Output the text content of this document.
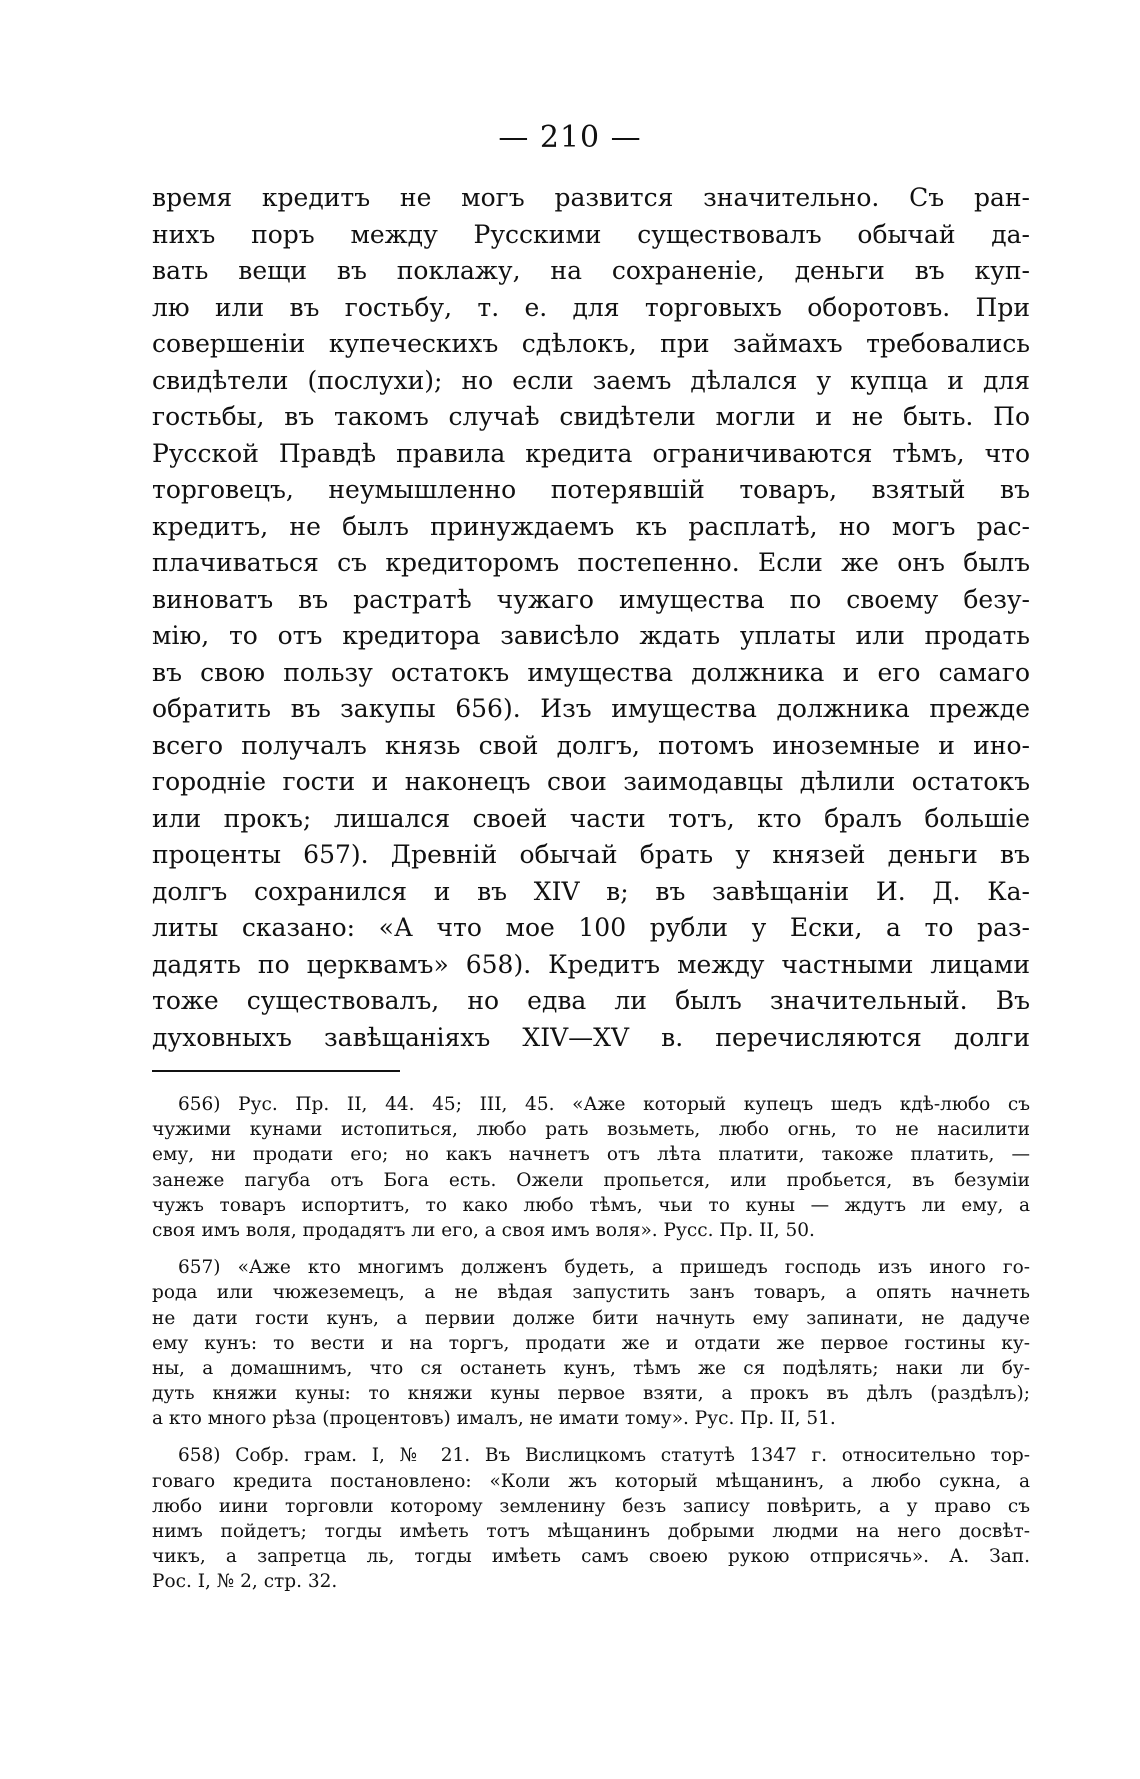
— 210 —
время кредитъ не могъ развится значительно. Съ ран-
нихъ поръ между Русскими существовалъ обычай да-
вать вещи въ поклажу, на сохраненіе, деньги въ куп-
лю или въ гостьбу, т. е. для торговыхъ оборотовъ. При
совершеніи купеческихъ сдѣлокъ, при займахъ требовались
свидѣтели (послухи); но если заемъ дѣлался у купца и для
гостьбы, въ такомъ случаѣ свидѣтели могли и не быть. По
Русской Правдѣ правила кредита ограничиваются тѣмъ, что
торговецъ, неумышленно потерявшій товаръ, взятый въ
кредитъ, не былъ принуждаемъ къ расплатѣ, но могъ рас-
плачиваться съ кредиторомъ постепенно. Если же онъ былъ
виноватъ въ растратѣ чужаго имущества по своему безу-
мію, то отъ кредитора зависѣло ждать уплаты или продать
въ свою пользу остатокъ имущества должника и его самаго
обратить въ закупы 656). Изъ имущества должника прежде
всего получалъ князь свой долгъ, потомъ иноземные и ино-
городніе гости и наконецъ свои заимодавцы дѣлили остатокъ
или прокъ; лишался своей части тотъ, кто бралъ большіе
проценты 657). Древній обычай брать у князей деньги въ
долгъ сохранился и въ XIV в; въ завѣщаніи И. Д. Ка-
литы сказано: «А что мое 100 рубли у Ески, а то раз-
дадять по церквамъ» 658). Кредитъ между частными лицами
тоже существовалъ, но едва ли былъ значительный. Въ
духовныхъ завѣщаніяхъ XIV—XV в. перечисляются долги
656) Рус. Пр. II, 44. 45; III, 45. «Аже который купецъ шедъ кдѣ-любо съ
чужими кунами истопиться, любо рать возьметь, любо огнь, то не насилити
ему, ни продати его; но какъ начнетъ отъ лѣта платити, такоже платить, —
занеже пагуба отъ Бога есть. Ожели пропьется, или пробьется, въ безуміи
чужъ товаръ испортитъ, то како любо тѣмъ, чьи то куны — ждутъ ли ему, а
своя имъ воля, продадятъ ли его, а своя имъ воля». Русс. Пр. II, 50.
657) «Аже кто многимъ долженъ будеть, а пришедъ гоcподь изъ иного го-
рода или чюжеземецъ, а не вѣдая запустить занъ товаръ, а опять начнеть
не дати гости кунъ, а первии долже бити начнуть ему запинати, не дадуче
ему кунъ: то вести и на торгъ, продати же и отдати же первое гостины ку-
ны, а домашнимъ, что ся останеть кунъ, тѣмъ же ся подѣлять; наки ли бу-
дуть княжи куны: то княжи куны первое взяти, а прокъ въ дѣлъ (раздѣлъ);
а кто много рѣза (процентовъ) ималъ, не имати тому». Рус. Пр. II, 51.
658) Собр. грам. I, № 21. Въ Вислицкомъ статутѣ 1347 г. относительно тор-
говаго кредита постановлено: «Коли жъ который мѣщанинъ, а любо сукна, а
любо иини торговли которому земленину безъ запису повѣрить, а у право съ
нимъ пойдетъ; тогды имѣеть тотъ мѣщанинъ добрыми людми на него досвѣт-
чикъ, а запретца ль, тогды имѣеть самъ своею рукою отприсячь». А. Зап.
Рос. I, № 2, стр. 32.
